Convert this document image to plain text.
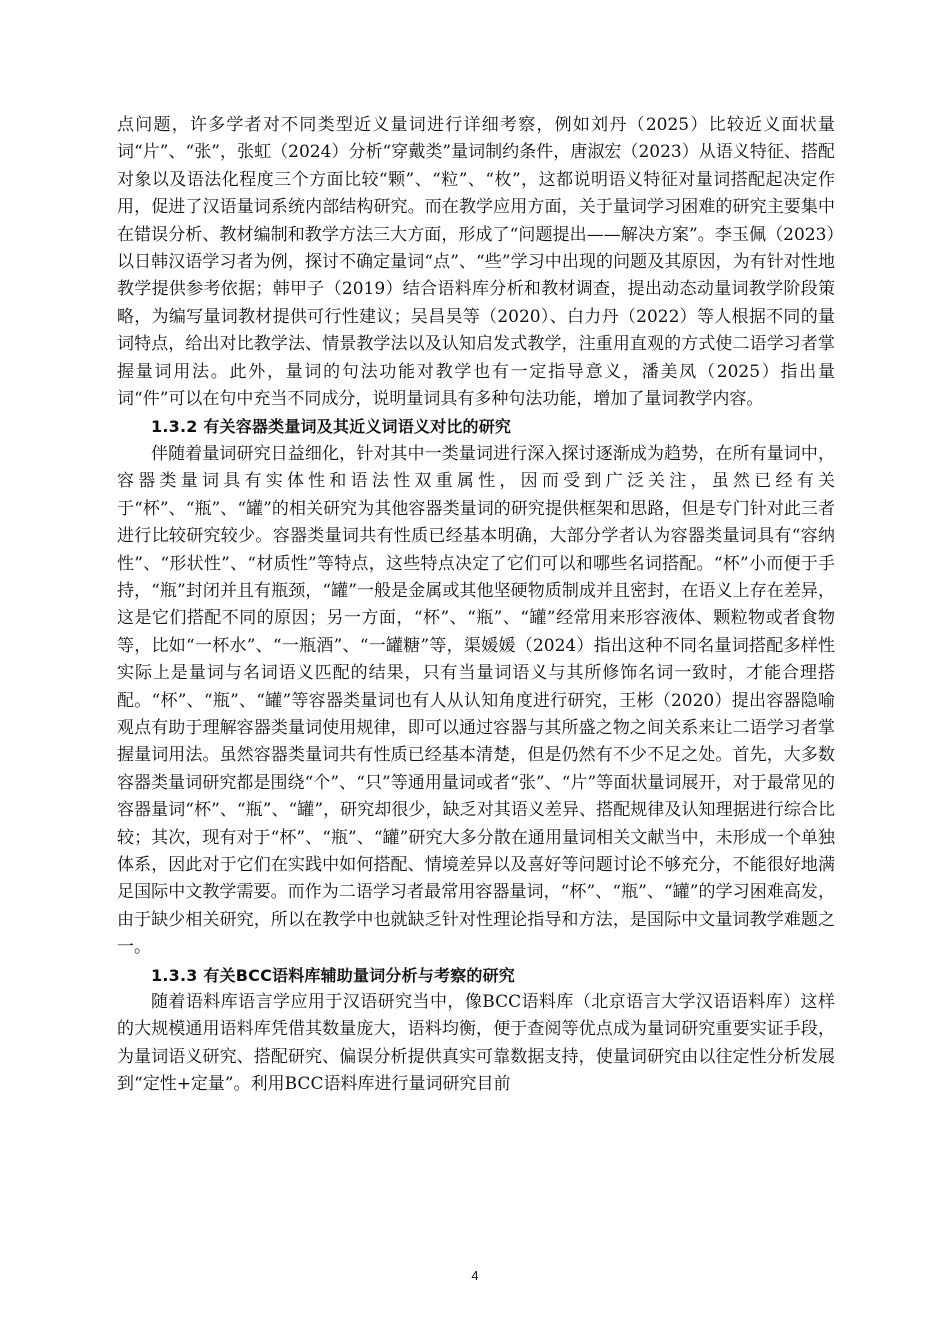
点问题，许多学者对不同类型近义量词进行详细考察，例如刘丹（2025）比较近义面状量词“片”、“张”，张虹（2024）分析“穿戴类”量词制约条件，唐淑宏（2023）从语义特征、搭配对象以及语法化程度三个方面比较“颗”、“粒”、“枚”，这都说明语义特征对量词搭配起决定作用，促进了汉语量词系统内部结构研究。而在教学应用方面，关于量词学习困难的研究主要集中在错误分析、教材编制和教学方法三大方面，形成了“问题提出——解决方案”。李玉佩（2023）以日韩汉语学习者为例，探讨不确定量词“点”、“些”学习中出现的问题及其原因，为有针对性地教学提供参考依据；韩甲子（2019）结合语料库分析和教材调查，提出动态动量词教学阶段策略，为编写量词教材提供可行性建议；吴昌昊等（2020）、白力丹（2022）等人根据不同的量词特点，给出对比教学法、情景教学法以及认知启发式教学，注重用直观的方式使二语学习者掌握量词用法。此外，量词的句法功能对教学也有一定指导意义，潘美凤（2025）指出量词“件”可以在句中充当不同成分，说明量词具有多种句法功能，增加了量词教学内容。

1.3.2 有关容器类量词及其近义词语义对比的研究

伴随着量词研究日益细化，针对其中一类量词进行深入探讨逐渐成为趋势，在所有量词中，容器类量词具有实体性和语法性双重属性，因而受到广泛关注，虽然已经有关于“杯”、“瓶”、“罐”的相关研究为其他容器类量词的研究提供框架和思路，但是专门针对此三者进行比较研究较少。容器类量词共有性质已经基本明确，大部分学者认为容器类量词具有“容纳性”、“形状性”、“材质性”等特点，这些特点决定了它们可以和哪些名词搭配。“杯”小而便于手持，“瓶”封闭并且有瓶颈，“罐”一般是金属或其他坚硬物质制成并且密封，在语义上存在差异，这是它们搭配不同的原因；另一方面，“杯”、“瓶”、“罐”经常用来形容液体、颗粒物或者食物等，比如“一杯水”、“一瓶酒”、“一罐糖”等，渠媛媛（2024）指出这种不同名量词搭配多样性实际上是量词与名词语义匹配的结果，只有当量词语义与其所修饰名词一致时，才能合理搭配。“杯”、“瓶”、“罐”等容器类量词也有人从认知角度进行研究，王彬（2020）提出容器隐喻观点有助于理解容器类量词使用规律，即可以通过容器与其所盛之物之间关系来让二语学习者掌握量词用法。虽然容器类量词共有性质已经基本清楚，但是仍然有不少不足之处。首先，大多数容器类量词研究都是围绕“个”、“只”等通用量词或者“张”、“片”等面状量词展开，对于最常见的容器量词“杯”、“瓶”、“罐”，研究却很少，缺乏对其语义差异、搭配规律及认知理据进行综合比较；其次，现有对于“杯”、“瓶”、“罐”研究大多分散在通用量词相关文献当中，未形成一个单独体系，因此对于它们在实践中如何搭配、情境差异以及喜好等问题讨论不够充分，不能很好地满足国际中文教学需要。而作为二语学习者最常用容器量词，“杯”、“瓶”、“罐”的学习困难高发，由于缺少相关研究，所以在教学中也就缺乏针对性理论指导和方法，是国际中文量词教学难题之一。

1.3.3 有关BCC语料库辅助量词分析与考察的研究

随着语料库语言学应用于汉语研究当中，像BCC语料库（北京语言大学汉语语料库）这样的大规模通用语料库凭借其数量庞大，语料均衡，便于查阅等优点成为量词研究重要实证手段，为量词语义研究、搭配研究、偏误分析提供真实可靠数据支持，使量词研究由以往定性分析发展到“定性+定量”。利用BCC语料库进行量词研究目前

4
